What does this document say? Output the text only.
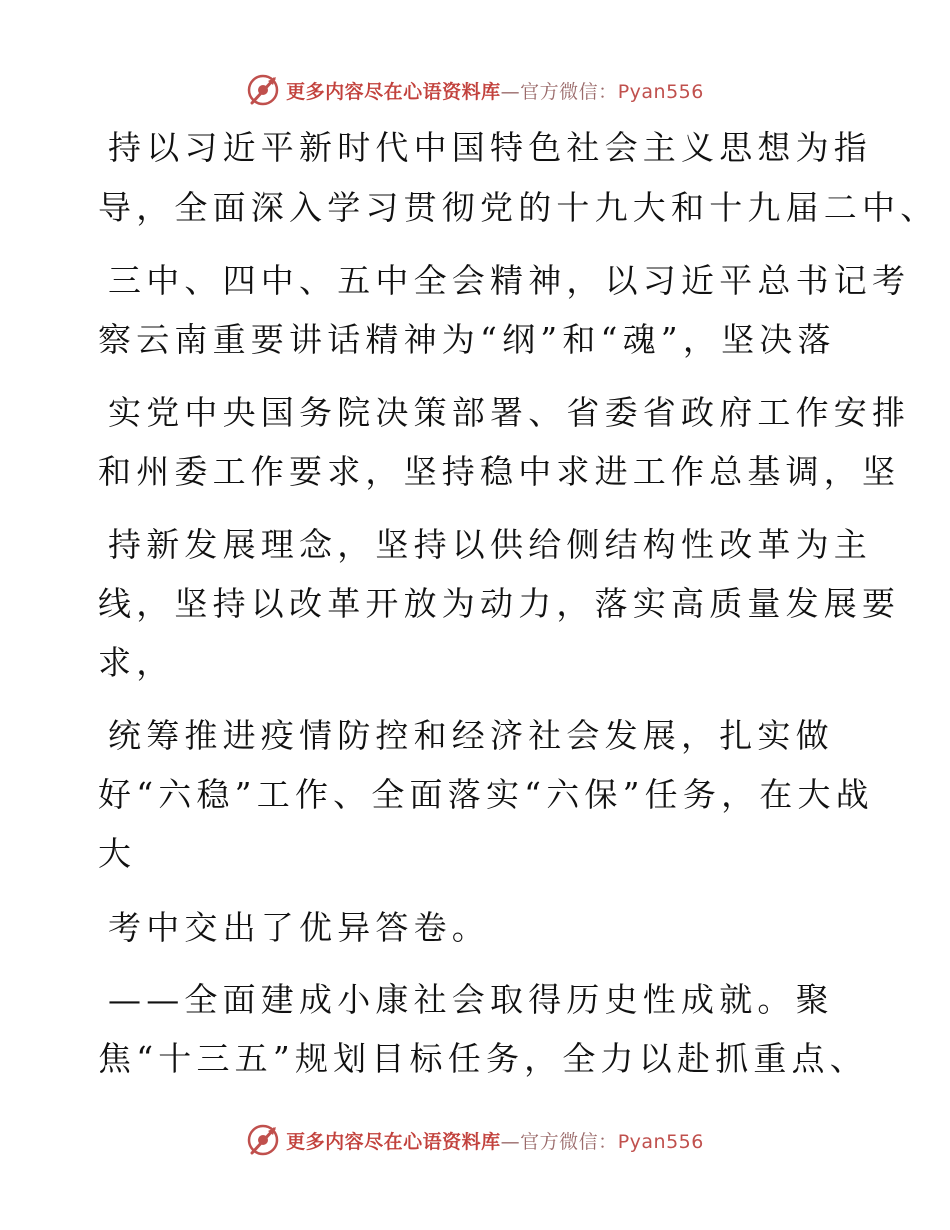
更多内容尽在心语资料库—官方微信：Pyan556
持以习近平新时代中国特色社会主义思想为指
导，全面深入学习贯彻党的十九大和十九届二中、
三中、四中、五中全会精神，以习近平总书记考
察云南重要讲话精神为“纲”和“魂”，坚决落
实党中央国务院决策部署、省委省政府工作安排
和州委工作要求，坚持稳中求进工作总基调，坚
持新发展理念，坚持以供给侧结构性改革为主
线，坚持以改革开放为动力，落实高质量发展要
求，
统筹推进疫情防控和经济社会发展，扎实做
好“六稳”工作、全面落实“六保”任务，在大战
大
考中交出了优异答卷。
——全面建成小康社会取得历史性成就。聚
焦“十三五”规划目标任务，全力以赴抓重点、
更多内容尽在心语资料库—官方微信：Pyan556
